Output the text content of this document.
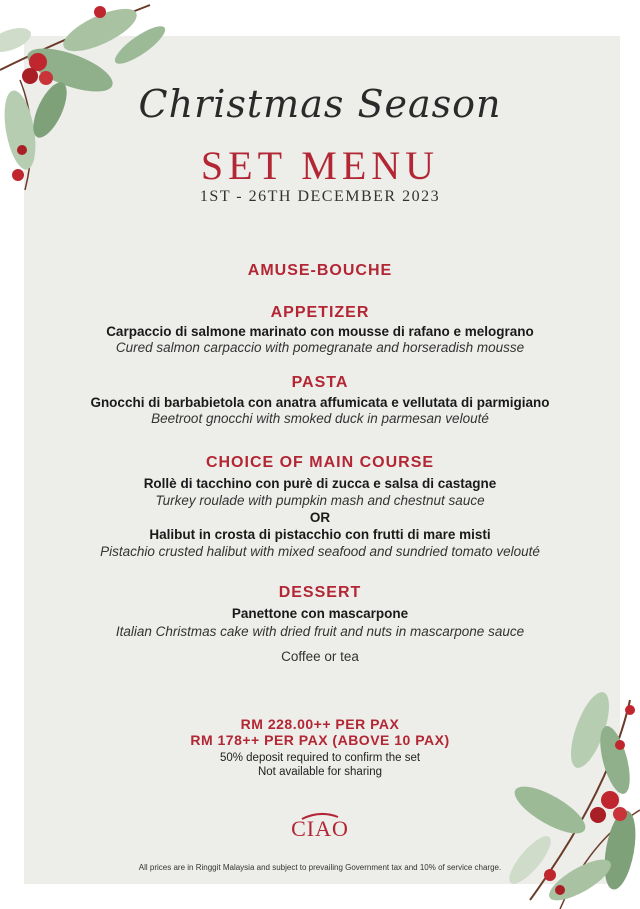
Christmas Season
SET MENU
1ST - 26TH DECEMBER 2023
AMUSE-BOUCHE
APPETIZER
Carpaccio di salmone marinato con mousse di rafano e melograno
Cured salmon carpaccio with pomegranate and horseradish mousse
PASTA
Gnocchi di barbabietola con anatra affumicata e vellutata di parmigiano
Beetroot gnocchi with smoked duck in parmesan velouté
CHOICE OF MAIN COURSE
Rollè di tacchino con purè di zucca e salsa di castagne
Turkey roulade with pumpkin mash and chestnut sauce
OR
Halibut in crosta di pistacchio con frutti di mare misti
Pistachio crusted halibut with mixed seafood and sundried tomato velouté
DESSERT
Panettone con mascarpone
Italian Christmas cake with dried fruit and nuts in mascarpone sauce
Coffee or tea
RM 228.00++ PER PAX
RM 178++ PER PAX (ABOVE 10 PAX)
50% deposit required to confirm the set
Not available for sharing
CIAO
All prices are in Ringgit Malaysia and subject to prevailing Government tax and 10% of service charge.
